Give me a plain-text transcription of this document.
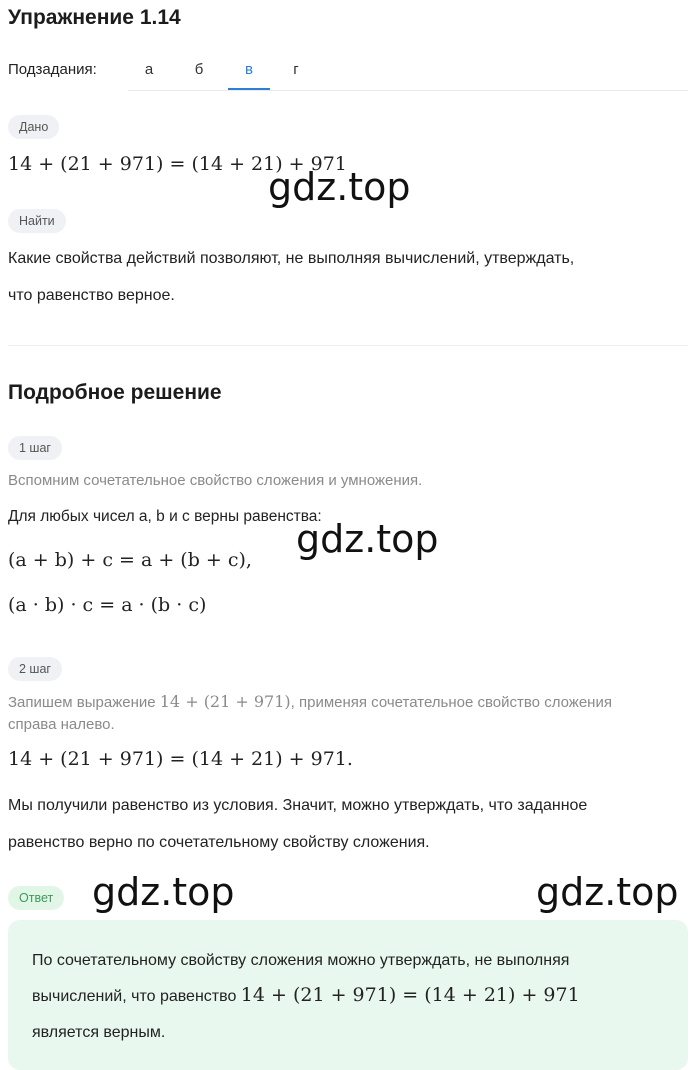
Упражнение 1.14
Подзадания:	а	б	в	г
Дано
14 + (21 + 971) = (14 + 21) + 971
Найти
Какие свойства действий позволяют, не выполняя вычислений, утверждать,
что равенство верное.
Подробное решение
1 шаг
Вспомним сочетательное свойство сложения и умножения.
Для любых чисел a, b и c верны равенства:
(a + b) + c = a + (b + c),
(a · b) · c = a · (b · c)
2 шаг
Запишем выражение 14 + (21 + 971), применяя сочетательное свойство сложения
справа налево.
14 + (21 + 971) = (14 + 21) + 971.
Мы получили равенство из условия. Значит, можно утверждать, что заданное
равенство верно по сочетательному свойству сложения.
Ответ
По сочетательному свойству сложения можно утверждать, не выполняя
вычислений, что равенство 14 + (21 + 971) = (14 + 21) + 971
является верным.
gdz.top
gdz.top
gdz.top	gdz.top
